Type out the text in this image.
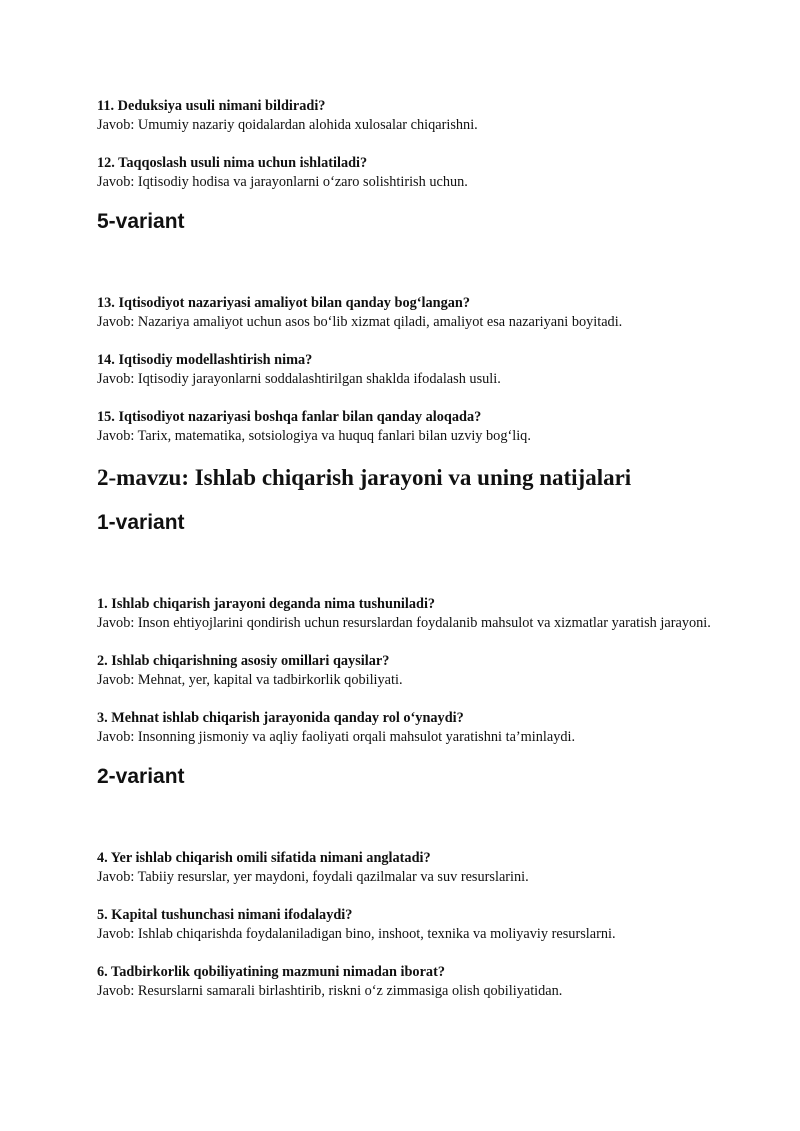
11. Deduksiya usuli nimani bildiradi?
Javob: Umumiy nazariy qoidalardan alohida xulosalar chiqarishni.
12. Taqqoslash usuli nima uchun ishlatiladi?
Javob: Iqtisodiy hodisa va jarayonlarni o‘zaro solishtirish uchun.
5-variant
13. Iqtisodiyot nazariyasi amaliyot bilan qanday bog‘langan?
Javob: Nazariya amaliyot uchun asos bo‘lib xizmat qiladi, amaliyot esa nazariyani boyitadi.
14. Iqtisodiy modellashtirish nima?
Javob: Iqtisodiy jarayonlarni soddalashtirilgan shaklda ifodalash usuli.
15. Iqtisodiyot nazariyasi boshqa fanlar bilan qanday aloqada?
Javob: Tarix, matematika, sotsiologiya va huquq fanlari bilan uzviy bog‘liq.
2-mavzu: Ishlab chiqarish jarayoni va uning natijalari
1-variant
1. Ishlab chiqarish jarayoni deganda nima tushuniladi?
Javob: Inson ehtiyojlarini qondirish uchun resurslardan foydalanib mahsulot va xizmatlar yaratish jarayoni.
2. Ishlab chiqarishning asosiy omillari qaysilar?
Javob: Mehnat, yer, kapital va tadbirkorlik qobiliyati.
3. Mehnat ishlab chiqarish jarayonida qanday rol o‘ynaydi?
Javob: Insonning jismoniy va aqliy faoliyati orqali mahsulot yaratishni ta’minlaydi.
2-variant
4. Yer ishlab chiqarish omili sifatida nimani anglatadi?
Javob: Tabiiy resurslar, yer maydoni, foydali qazilmalar va suv resurslarini.
5. Kapital tushunchasi nimani ifodalaydi?
Javob: Ishlab chiqarishda foydalaniladigan bino, inshoot, texnika va moliyaviy resurslarni.
6. Tadbirkorlik qobiliyatining mazmuni nimadan iborat?
Javob: Resurslarni samarali birlashtirib, riskni o‘z zimmasiga olish qobiliyatidan.
